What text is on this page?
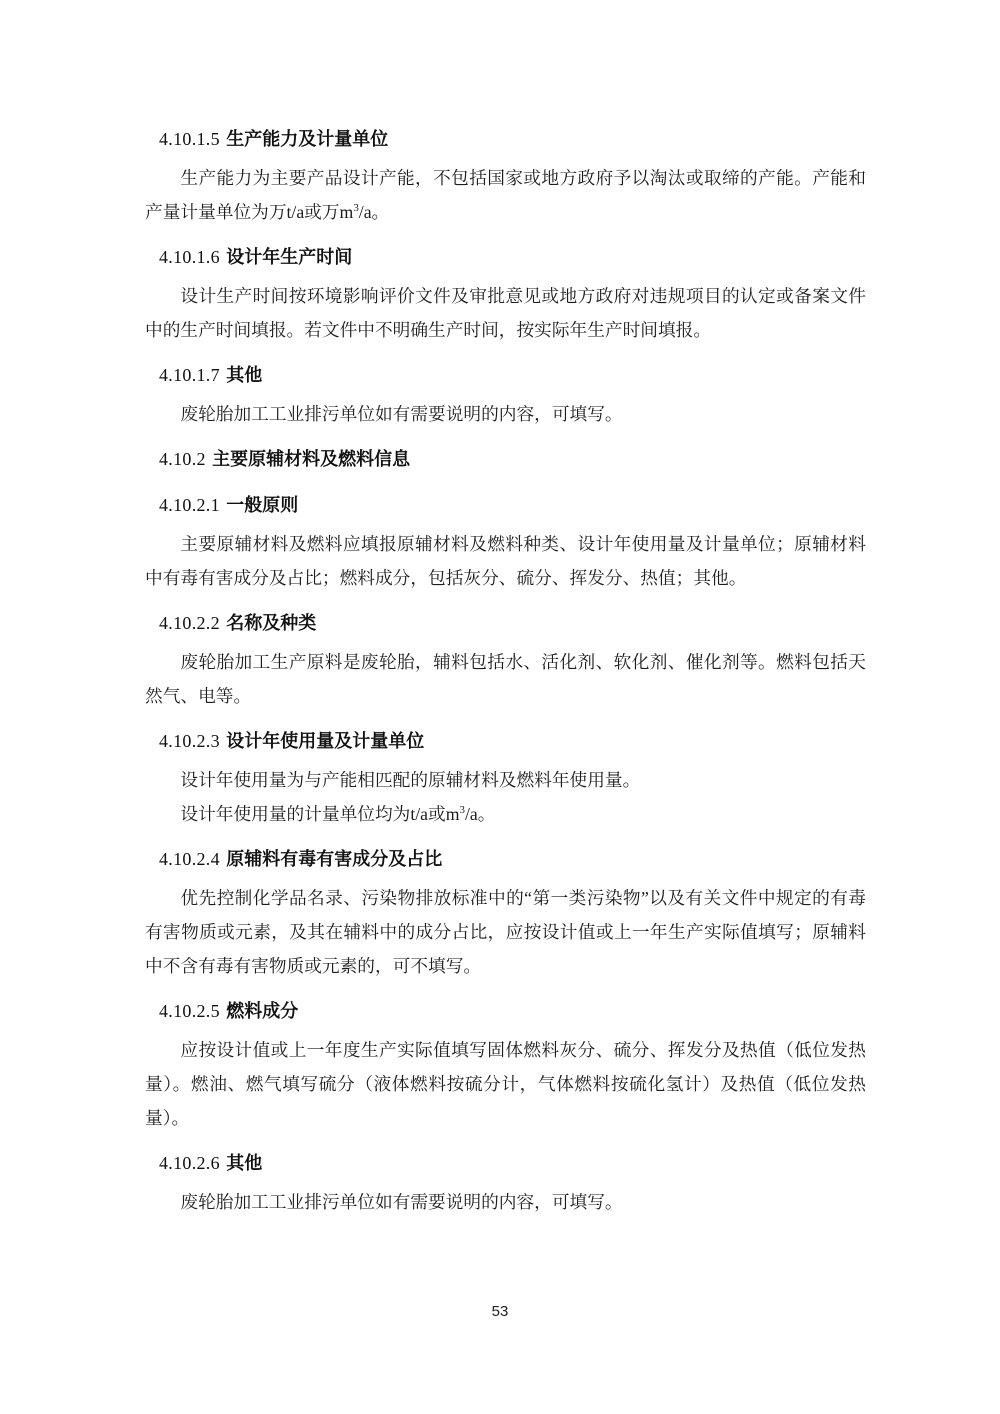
4.10.1.5 生产能力及计量单位

生产能力为主要产品设计产能，不包括国家或地方政府予以淘汰或取缔的产能。产能和产量计量单位为万t/a或万$m^3/a$。

4.10.1.6 设计年生产时间

设计生产时间按环境影响评价文件及审批意见或地方政府对违规项目的认定或备案文件中的生产时间填报。若文件中不明确生产时间，按实际年生产时间填报。

4.10.1.7 其他

废轮胎加工工业排污单位如有需要说明的内容，可填写。

4.10.2 主要原辅材料及燃料信息
4.10.2.1 一般原则

主要原辅材料及燃料应填报原辅材料及燃料种类、设计年使用量及计量单位；原辅材料中有毒有害成分及占比；燃料成分，包括灰分、硫分、挥发分、热值；其他。

4.10.2.2 名称及种类

废轮胎加工生产原料是废轮胎，辅料包括水、活化剂、软化剂、催化剂等。燃料包括天然气、电等。

4.10.2.3 设计年使用量及计量单位

设计年使用量为与产能相匹配的原辅材料及燃料年使用量。

设计年使用量的计量单位均为t/a或$m^3/a$。

4.10.2.4 原辅料有毒有害成分及占比

优先控制化学品名录、污染物排放标准中的“第一类污染物”以及有关文件中规定的有毒有害物质或元素，及其在辅料中的成分占比，应按设计值或上一年生产实际值填写；原辅料中不含有毒有害物质或元素的，可不填写。

4.10.2.5 燃料成分

应按设计值或上一年度生产实际值填写固体燃料灰分、硫分、挥发分及热值（低位发热量）。燃油、燃气填写硫分（液体燃料按硫分计，气体燃料按硫化氢计）及热值（低位发热量）。

4.10.2.6 其他

废轮胎加工工业排污单位如有需要说明的内容，可填写。

53
